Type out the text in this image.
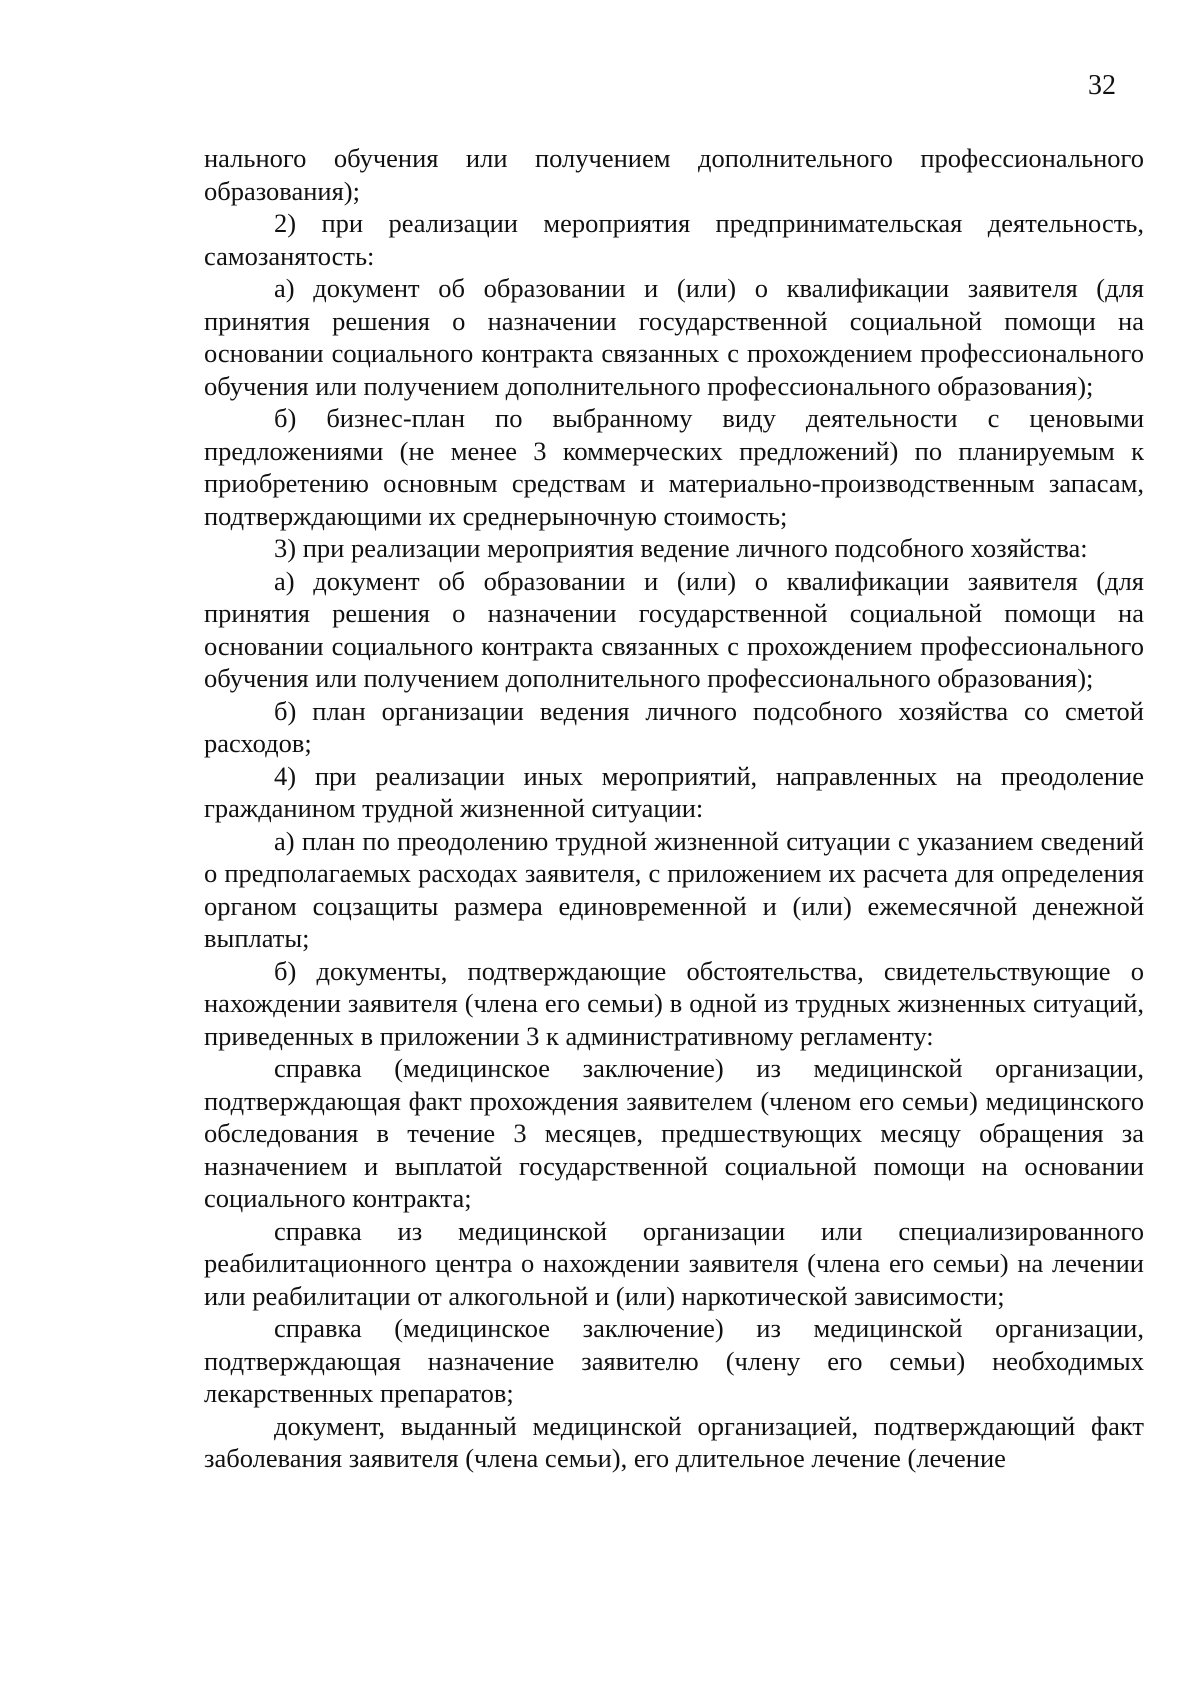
32

нального обучения или получением дополнительного профессионального образования);

2) при реализации мероприятия предпринимательская деятельность, самозанятость:

а) документ об образовании и (или) о квалификации заявителя (для принятия решения о назначении государственной социальной помощи на основании социального контракта связанных с прохождением профессионального обучения или получением дополнительного профессионального образования);

б) бизнес-план по выбранному виду деятельности с ценовыми предложениями (не менее 3 коммерческих предложений) по планируемым к приобретению основным средствам и материально-производственным запасам, подтверждающими их среднерыночную стоимость;

3) при реализации мероприятия ведение личного подсобного хозяйства:

а) документ об образовании и (или) о квалификации заявителя (для принятия решения о назначении государственной социальной помощи на основании социального контракта связанных с прохождением профессионального обучения или получением дополнительного профессионального образования);

б) план организации ведения личного подсобного хозяйства со сметой расходов;

4) при реализации иных мероприятий, направленных на преодоление гражданином трудной жизненной ситуации:

а) план по преодолению трудной жизненной ситуации с указанием сведений о предполагаемых расходах заявителя, с приложением их расчета для определения органом соцзащиты размера единовременной и (или) ежемесячной денежной выплаты;

б) документы, подтверждающие обстоятельства, свидетельствующие о нахождении заявителя (члена его семьи) в одной из трудных жизненных ситуаций, приведенных в приложении 3 к административному регламенту:

справка (медицинское заключение) из медицинской организации, подтверждающая факт прохождения заявителем (членом его семьи) медицинского обследования в течение 3 месяцев, предшествующих месяцу обращения за назначением и выплатой государственной социальной помощи на основании социального контракта;

справка из медицинской организации или специализированного реабилитационного центра о нахождении заявителя (члена его семьи) на лечении или реабилитации от алкогольной и (или) наркотической зависимости;

справка (медицинское заключение) из медицинской организации, подтверждающая назначение заявителю (члену его семьи) необходимых лекарственных препаратов;

документ, выданный медицинской организацией, подтверждающий факт заболевания заявителя (члена семьи), его длительное лечение (лечение
